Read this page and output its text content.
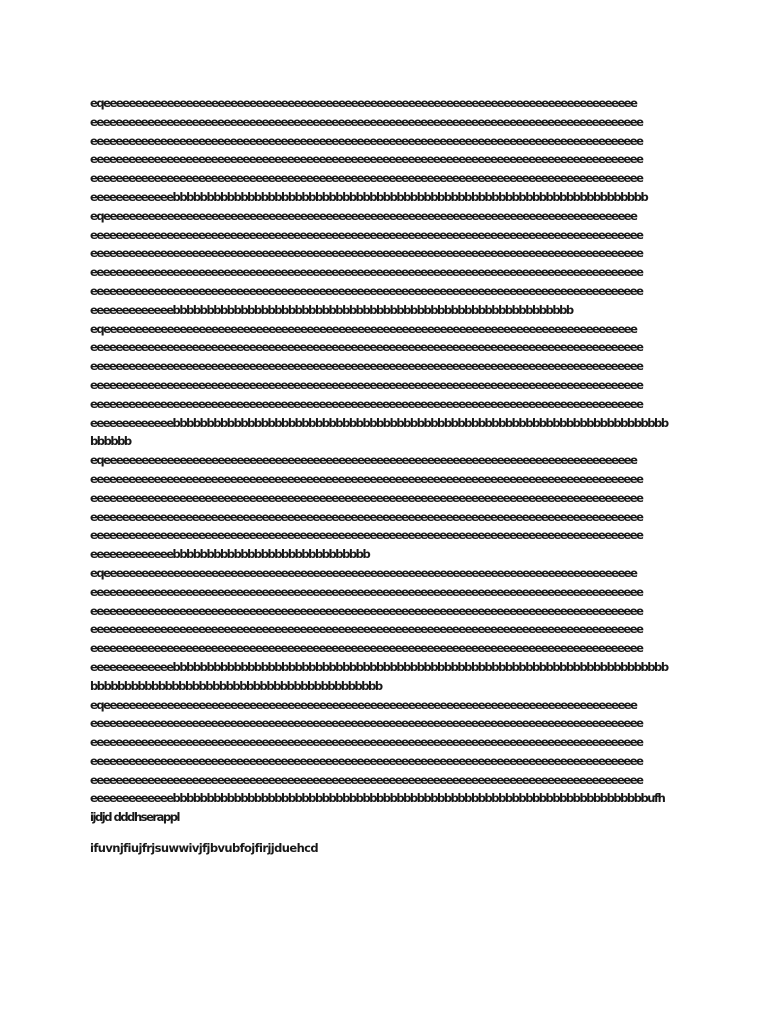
eqeeeeeeeeeeeeeeeeeeeeeeeeeeeeeeeeeeeeeeeeeeeeeeeeeeeeeeeeeeeeeeeeeeeeeeeeeeeeeeeeeeee
eeeeeeeeeeeeeeeeeeeeeeeeeeeeeeeeeeeeeeeeeeeeeeeeeeeeeeeeeeeeeeeeeeeeeeeeeeeeeeeeeeeeeee
eeeeeeeeeeeeeeeeeeeeeeeeeeeeeeeeeeeeeeeeeeeeeeeeeeeeeeeeeeeeeeeeeeeeeeeeeeeeeeeeeeeeeee
eeeeeeeeeeeeeeeeeeeeeeeeeeeeeeeeeeeeeeeeeeeeeeeeeeeeeeeeeeeeeeeeeeeeeeeeeeeeeeeeeeeeeee
eeeeeeeeeeeeeeeeeeeeeeeeeeeeeeeeeeeeeeeeeeeeeeeeeeeeeeeeeeeeeeeeeeeeeeeeeeeeeeeeeeeeeee
eeeeeeeeeeeeebbbbbbbbbbbbbbbbbbbbbbbbbbbbbbbbbbbbbbbbbbbbbbbbbbbbbbbbbbbbbbbbbbbbbb
eqeeeeeeeeeeeeeeeeeeeeeeeeeeeeeeeeeeeeeeeeeeeeeeeeeeeeeeeeeeeeeeeeeeeeeeeeeeeeeeeeeeee
eeeeeeeeeeeeeeeeeeeeeeeeeeeeeeeeeeeeeeeeeeeeeeeeeeeeeeeeeeeeeeeeeeeeeeeeeeeeeeeeeeeeeee
eeeeeeeeeeeeeeeeeeeeeeeeeeeeeeeeeeeeeeeeeeeeeeeeeeeeeeeeeeeeeeeeeeeeeeeeeeeeeeeeeeeeeee
eeeeeeeeeeeeeeeeeeeeeeeeeeeeeeeeeeeeeeeeeeeeeeeeeeeeeeeeeeeeeeeeeeeeeeeeeeeeeeeeeeeeeee
eeeeeeeeeeeeeeeeeeeeeeeeeeeeeeeeeeeeeeeeeeeeeeeeeeeeeeeeeeeeeeeeeeeeeeeeeeeeeeeeeeeeeee
eeeeeeeeeeeeebbbbbbbbbbbbbbbbbbbbbbbbbbbbbbbbbbbbbbbbbbbbbbbbbbbbbbbbbbb
eqeeeeeeeeeeeeeeeeeeeeeeeeeeeeeeeeeeeeeeeeeeeeeeeeeeeeeeeeeeeeeeeeeeeeeeeeeeeeeeeeeeee
eeeeeeeeeeeeeeeeeeeeeeeeeeeeeeeeeeeeeeeeeeeeeeeeeeeeeeeeeeeeeeeeeeeeeeeeeeeeeeeeeeeeeee
eeeeeeeeeeeeeeeeeeeeeeeeeeeeeeeeeeeeeeeeeeeeeeeeeeeeeeeeeeeeeeeeeeeeeeeeeeeeeeeeeeeeeee
eeeeeeeeeeeeeeeeeeeeeeeeeeeeeeeeeeeeeeeeeeeeeeeeeeeeeeeeeeeeeeeeeeeeeeeeeeeeeeeeeeeeeee
eeeeeeeeeeeeeeeeeeeeeeeeeeeeeeeeeeeeeeeeeeeeeeeeeeeeeeeeeeeeeeeeeeeeeeeeeeeeeeeeeeeeeee
eeeeeeeeeeeeebbbbbbbbbbbbbbbbbbbbbbbbbbbbbbbbbbbbbbbbbbbbbbbbbbbbbbbbbbbbbbbbbbbbbbbbb
bbbbbb
eqeeeeeeeeeeeeeeeeeeeeeeeeeeeeeeeeeeeeeeeeeeeeeeeeeeeeeeeeeeeeeeeeeeeeeeeeeeeeeeeeeeee
eeeeeeeeeeeeeeeeeeeeeeeeeeeeeeeeeeeeeeeeeeeeeeeeeeeeeeeeeeeeeeeeeeeeeeeeeeeeeeeeeeeeeee
eeeeeeeeeeeeeeeeeeeeeeeeeeeeeeeeeeeeeeeeeeeeeeeeeeeeeeeeeeeeeeeeeeeeeeeeeeeeeeeeeeeeeee
eeeeeeeeeeeeeeeeeeeeeeeeeeeeeeeeeeeeeeeeeeeeeeeeeeeeeeeeeeeeeeeeeeeeeeeeeeeeeeeeeeeeeee
eeeeeeeeeeeeeeeeeeeeeeeeeeeeeeeeeeeeeeeeeeeeeeeeeeeeeeeeeeeeeeeeeeeeeeeeeeeeeeeeeeeeeee
eeeeeeeeeeeeebbbbbbbbbbbbbbbbbbbbbbbbbbbbb
eqeeeeeeeeeeeeeeeeeeeeeeeeeeeeeeeeeeeeeeeeeeeeeeeeeeeeeeeeeeeeeeeeeeeeeeeeeeeeeeeeeeee
eeeeeeeeeeeeeeeeeeeeeeeeeeeeeeeeeeeeeeeeeeeeeeeeeeeeeeeeeeeeeeeeeeeeeeeeeeeeeeeeeeeeeee
eeeeeeeeeeeeeeeeeeeeeeeeeeeeeeeeeeeeeeeeeeeeeeeeeeeeeeeeeeeeeeeeeeeeeeeeeeeeeeeeeeeeeee
eeeeeeeeeeeeeeeeeeeeeeeeeeeeeeeeeeeeeeeeeeeeeeeeeeeeeeeeeeeeeeeeeeeeeeeeeeeeeeeeeeeeeee
eeeeeeeeeeeeeeeeeeeeeeeeeeeeeeeeeeeeeeeeeeeeeeeeeeeeeeeeeeeeeeeeeeeeeeeeeeeeeeeeeeeeeee
eeeeeeeeeeeeebbbbbbbbbbbbbbbbbbbbbbbbbbbbbbbbbbbbbbbbbbbbbbbbbbbbbbbbbbbbbbbbbbbbbbbbb
bbbbbbbbbbbbbbbbbbbbbbbbbbbbbbbbbbbbbbbbbbb
eqeeeeeeeeeeeeeeeeeeeeeeeeeeeeeeeeeeeeeeeeeeeeeeeeeeeeeeeeeeeeeeeeeeeeeeeeeeeeeeeeeeee
eeeeeeeeeeeeeeeeeeeeeeeeeeeeeeeeeeeeeeeeeeeeeeeeeeeeeeeeeeeeeeeeeeeeeeeeeeeeeeeeeeeeeee
eeeeeeeeeeeeeeeeeeeeeeeeeeeeeeeeeeeeeeeeeeeeeeeeeeeeeeeeeeeeeeeeeeeeeeeeeeeeeeeeeeeeeee
eeeeeeeeeeeeeeeeeeeeeeeeeeeeeeeeeeeeeeeeeeeeeeeeeeeeeeeeeeeeeeeeeeeeeeeeeeeeeeeeeeeeeee
eeeeeeeeeeeeeeeeeeeeeeeeeeeeeeeeeeeeeeeeeeeeeeeeeeeeeeeeeeeeeeeeeeeeeeeeeeeeeeeeeeeeeee
eeeeeeeeeeeeebbbbbbbbbbbbbbbbbbbbbbbbbbbbbbbbbbbbbbbbbbbbbbbbbbbbbbbbbbbbbbbbbbbbbbufh
ijdjd dddhserappl
ifuvnjfiujfrjsuwwivjfjbvubfojfirjjduehcd
